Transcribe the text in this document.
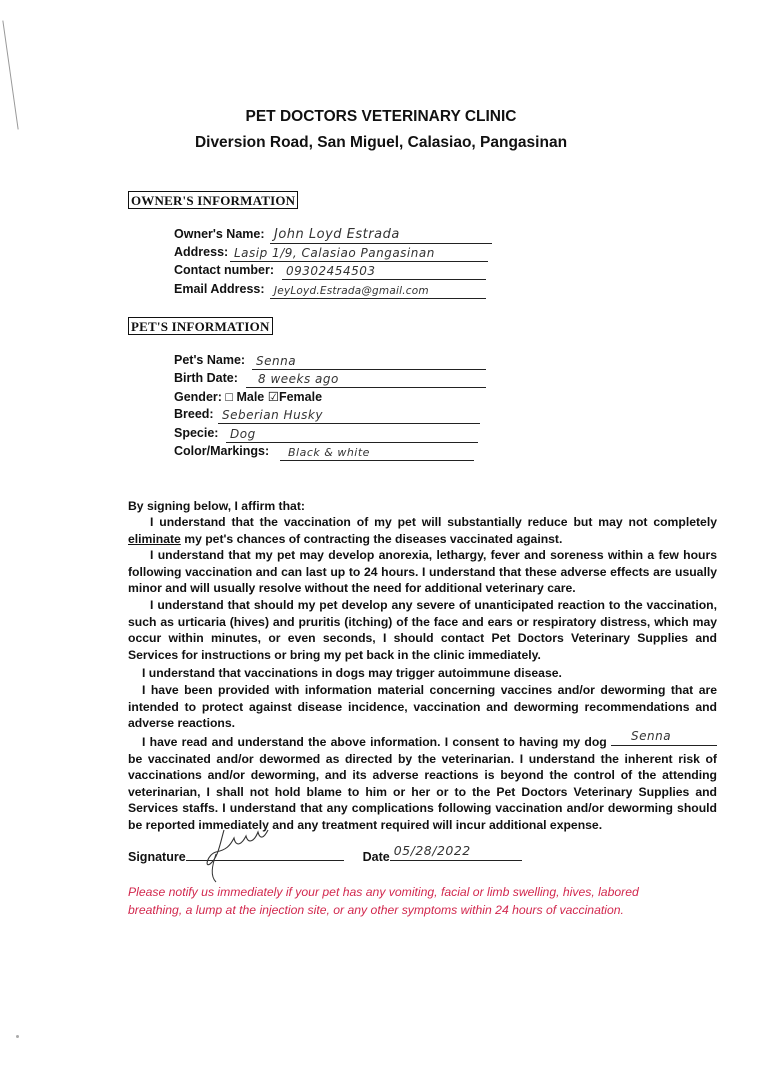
PET DOCTORS VETERINARY CLINIC
Diversion Road, San Miguel, Calasiao, Pangasinan
OWNER'S INFORMATION
Owner's Name: John Loyd Estrada
Address: Lasip 1/9, Calasiao Pangasinan
Contact number: 09302454503
Email Address: JeyLoyd.Estrada@gmail.com
PET'S INFORMATION
Pet's Name: Senna
Birth Date: 8 weeks ago
Gender: □ Male ☑Female
Breed: Seberian Husky
Specie: Dog
Color/Markings: Black & white
By signing below, I affirm that:
I understand that the vaccination of my pet will substantially reduce but may not completely eliminate my pet's chances of contracting the diseases vaccinated against.
I understand that my pet may develop anorexia, lethargy, fever and soreness within a few hours following vaccination and can last up to 24 hours. I understand that these adverse effects are usually minor and will usually resolve without the need for additional veterinary care.
I understand that should my pet develop any severe of unanticipated reaction to the vaccination, such as urticaria (hives) and pruritis (itching) of the face and ears or respiratory distress, which may occur within minutes, or even seconds, I should contact Pet Doctors Veterinary Supplies and Services for instructions or bring my pet back in the clinic immediately.
I understand that vaccinations in dogs may trigger autoimmune disease.
I have been provided with information material concerning vaccines and/or deworming that are intended to protect against disease incidence, vaccination and deworming recommendations and adverse reactions.
I have read and understand the above information. I consent to having my dog	Senna
be vaccinated and/or dewormed as directed by the veterinarian. I understand the inherent risk of vaccinations and/or deworming, and its adverse reactions is beyond the control of the attending veterinarian, I shall not hold blame to him or her or to the Pet Doctors Veterinary Supplies and Services staffs. I understand that any complications following vaccination and/or deworming should be reported immediately and any treatment required will incur additional expense.
Signature	Date 05/28/2022
Please notify us immediately if your pet has any vomiting, facial or limb swelling, hives, labored breathing, a lump at the injection site, or any other symptoms within 24 hours of vaccination.
